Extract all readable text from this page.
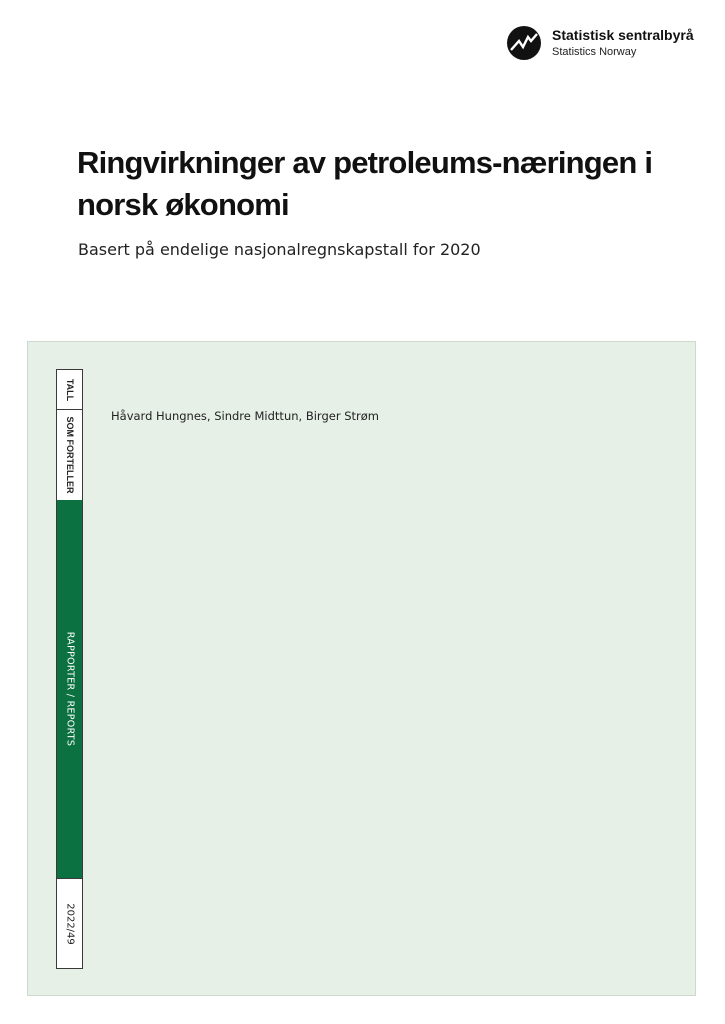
Statistisk sentralbyrå
Statistics Norway
Ringvirkninger av petroleums-næringen i norsk økonomi
Basert på endelige nasjonalregnskapstall for 2020
TALL
SOM FORTELLER
RAPPORTER / REPORTS
2022/49
Håvard Hungnes, Sindre Midttun, Birger Strøm
